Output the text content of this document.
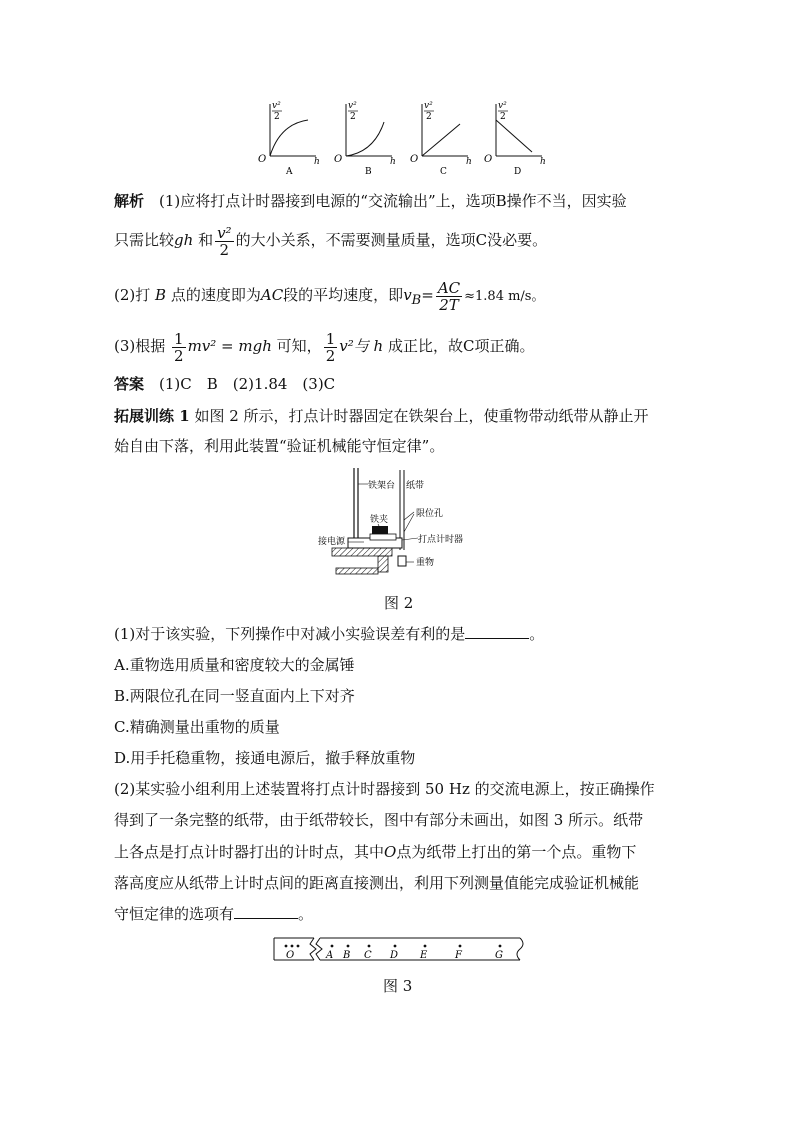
v²
2
O	h
A
v²
2
O	h
B
v²
2
O	h
C
v²
2
O	h
D
解析　 (1)应将打点计时器接到电源的“交流输出”上，选项B操作不当，因实验
只需比较gh 和 $\frac{\text{v²}}{2}$ 的大小关系，不需要测量质量，选项C没必要。
(2)打 B 点的速度即为AC段的平均速度，即$v_B= \frac{AC}{2T} \approx 1.84$ m/s。
(3)根据 $\frac{1}{2} mv^2$ = mgh 可知， $\frac{1}{2} v^2$与 h 成正比，故C项正确。
答案　 (1)C　B　(2)1.84　(3)C
拓展训练 1 如图 2 所示，打点计时器固定在铁架台上，使重物带动纸带从静止开
始自由下落，利用此装置“验证机械能守恒定律”。
铁架台 纸带
铁夹
限位孔
接电源	打点计时器
重物
图 2
(1)对于该实验，下列操作中对减小实验误差有利的是	。
A.重物选用质量和密度较大的金属锤
B.两限位孔在同一竖直面内上下对齐
C.精确测量出重物的质量
D.用手托稳重物，接通电源后，撤手释放重物
(2)某实验小组利用上述装置将打点计时器接到 50 Hz 的交流电源上，按正确操作
得到了一条完整的纸带，由于纸带较长，图中有部分未画出，如图 3 所示。纸带
上各点是打点计时器打出的计时点，其中O点为纸带上打出的第一个点。重物下
落高度应从纸带上计时点间的距离直接测出，利用下列测量值能完成验证机械能
守恒定律的选项有	。
O	A B C D E	F	G
图 3
